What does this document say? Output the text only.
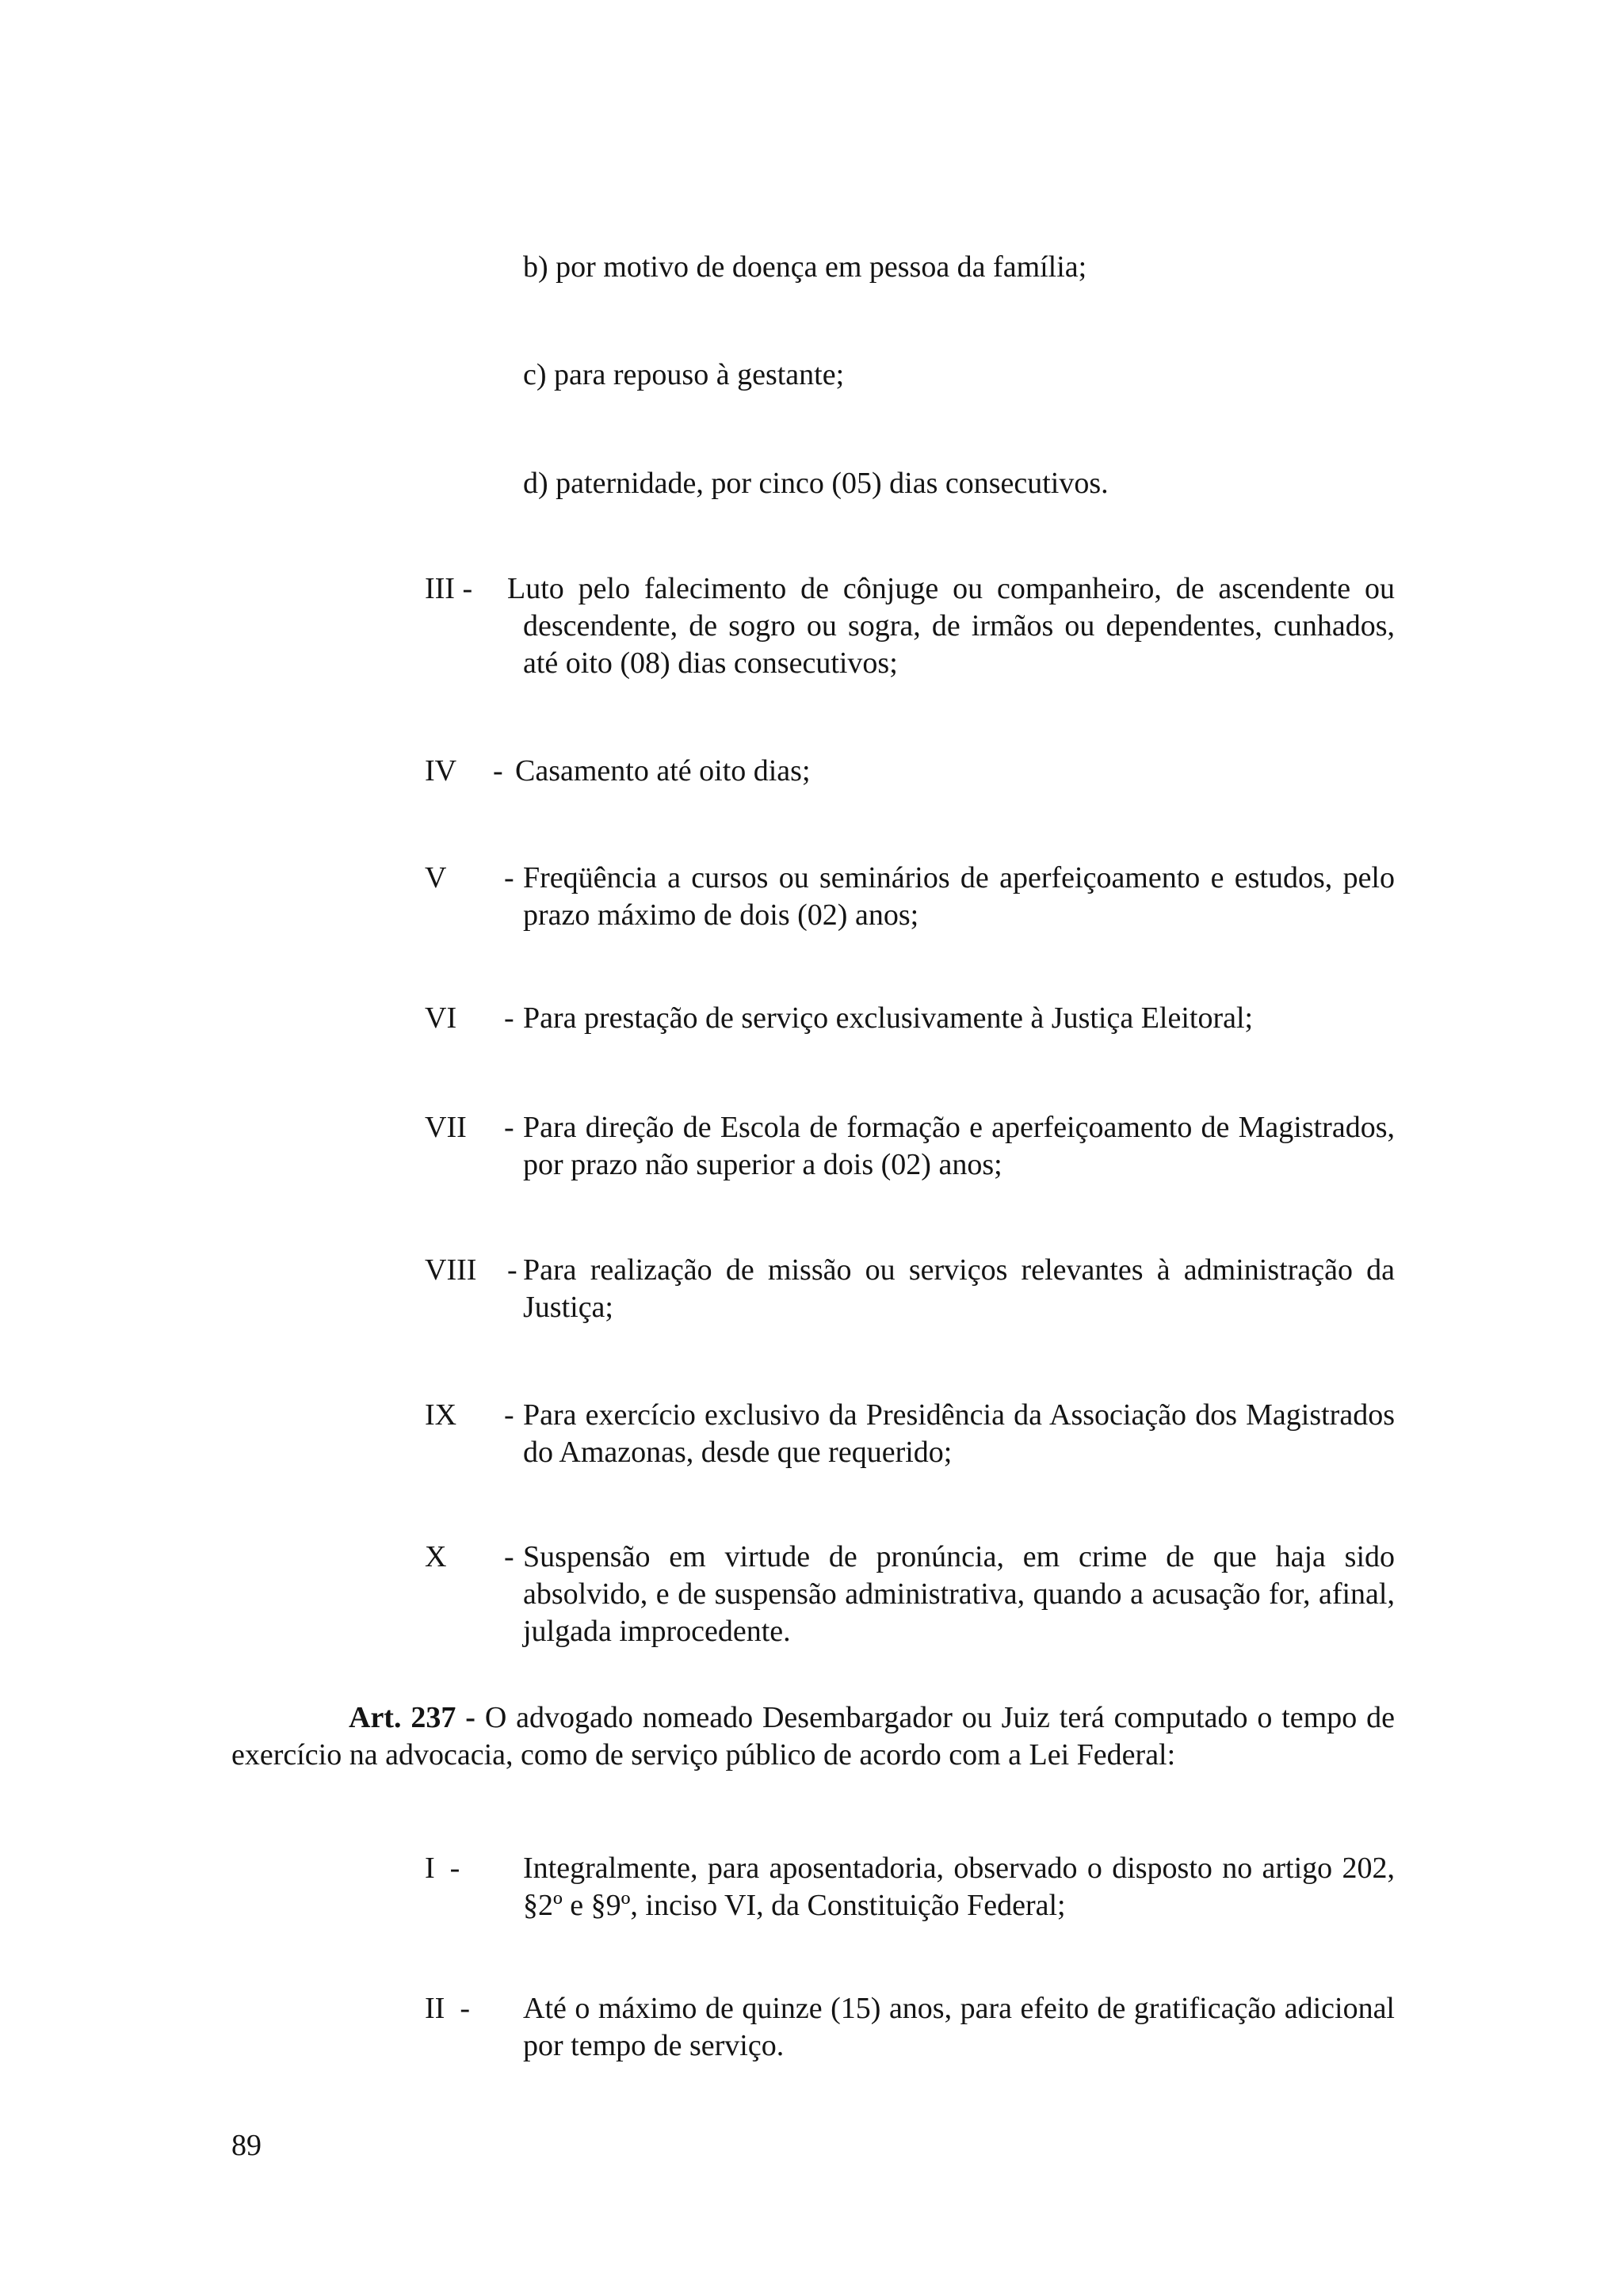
b) por motivo de doença em pessoa da família;
c) para repouso à gestante;
d) paternidade, por cinco (05) dias consecutivos.
III - Luto pelo falecimento de cônjuge ou companheiro, de ascendente ou descendente, de sogro ou sogra, de irmãos ou dependentes, cunhados, até oito (08) dias consecutivos;
IV - Casamento até oito dias;
V - Freqüência a cursos ou seminários de aperfeiçoamento e estudos, pelo prazo máximo de dois (02) anos;
VI - Para prestação de serviço exclusivamente à Justiça Eleitoral;
VII - Para direção de Escola de formação e aperfeiçoamento de Magistrados, por prazo não superior a dois (02) anos;
VIII - Para realização de missão ou serviços relevantes à administração da Justiça;
IX - Para exercício exclusivo da Presidência da Associação dos Magistrados do Amazonas, desde que requerido;
X - Suspensão em virtude de pronúncia, em crime de que haja sido absolvido, e de suspensão administrativa, quando a acusação for, afinal, julgada improcedente.
Art. 237 - O advogado nomeado Desembargador ou Juiz terá computado o tempo de exercício na advocacia, como de serviço público de acordo com a Lei Federal:
I - Integralmente, para aposentadoria, observado o disposto no artigo 202, §2º e §9º, inciso VI, da Constituição Federal;
II - Até o máximo de quinze (15) anos, para efeito de gratificação adicional por tempo de serviço.
89
